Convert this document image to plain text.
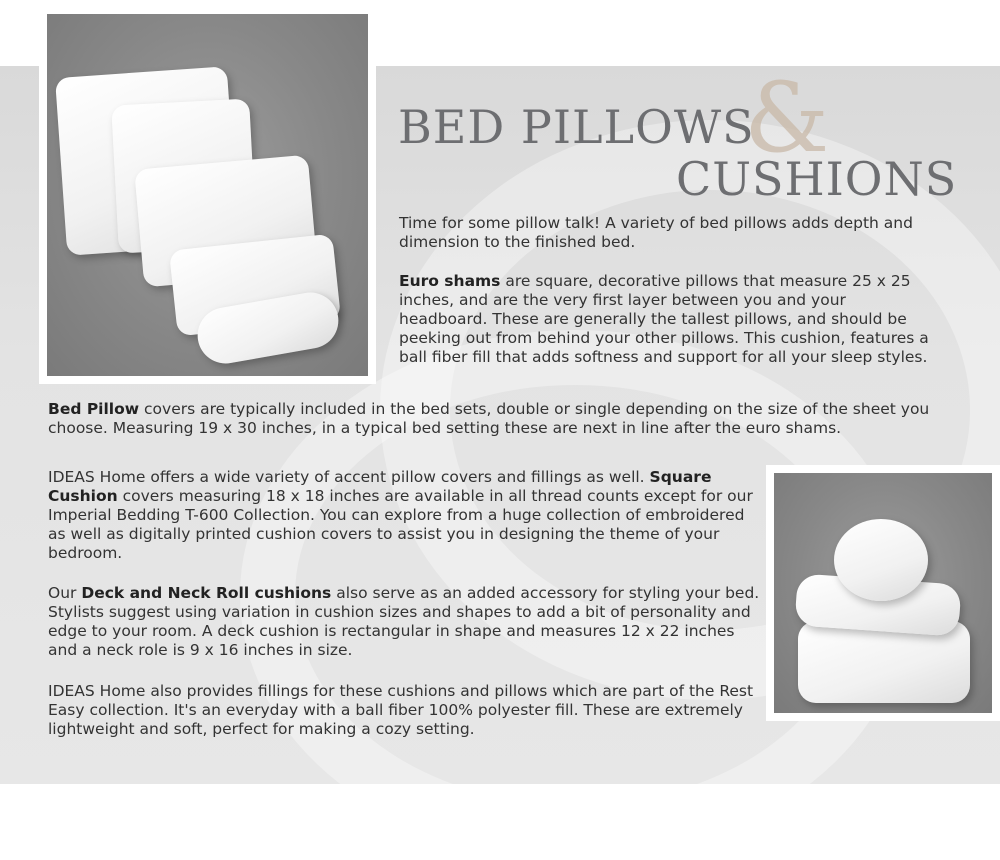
&
BED PILLOWS
CUSHIONS

Time for some pillow talk! A variety of bed pillows adds depth and dimension to the finished bed.

Euro shams are square, decorative pillows that measure 25 x 25 inches, and are the very first layer between you and your headboard. These are generally the tallest pillows, and should be peeking out from behind your other pillows. This cushion, features a ball fiber fill that adds softness and support for all your sleep styles.

Bed Pillow covers are typically included in the bed sets, double or single depending on the size of the sheet you choose. Measuring 19 x 30 inches, in a typical bed setting these are next in line after the euro shams.

IDEAS Home offers a wide variety of accent pillow covers and fillings as well. Square Cushion covers measuring 18 x 18 inches are available in all thread counts except for our Imperial Bedding T-600 Collection. You can explore from a huge collection of embroidered as well as digitally printed cushion covers to assist you in designing the theme of your bedroom.

Our Deck and Neck Roll cushions also serve as an added accessory for styling your bed. Stylists suggest using variation in cushion sizes and shapes to add a bit of personality and edge to your room. A deck cushion is rectangular in shape and measures 12 x 22 inches and a neck role is 9 x 16 inches in size.

IDEAS Home also provides fillings for these cushions and pillows which are part of the Rest Easy collection. It's an everyday with a ball fiber 100% polyester fill. These are extremely lightweight and soft, perfect for making a cozy setting.
